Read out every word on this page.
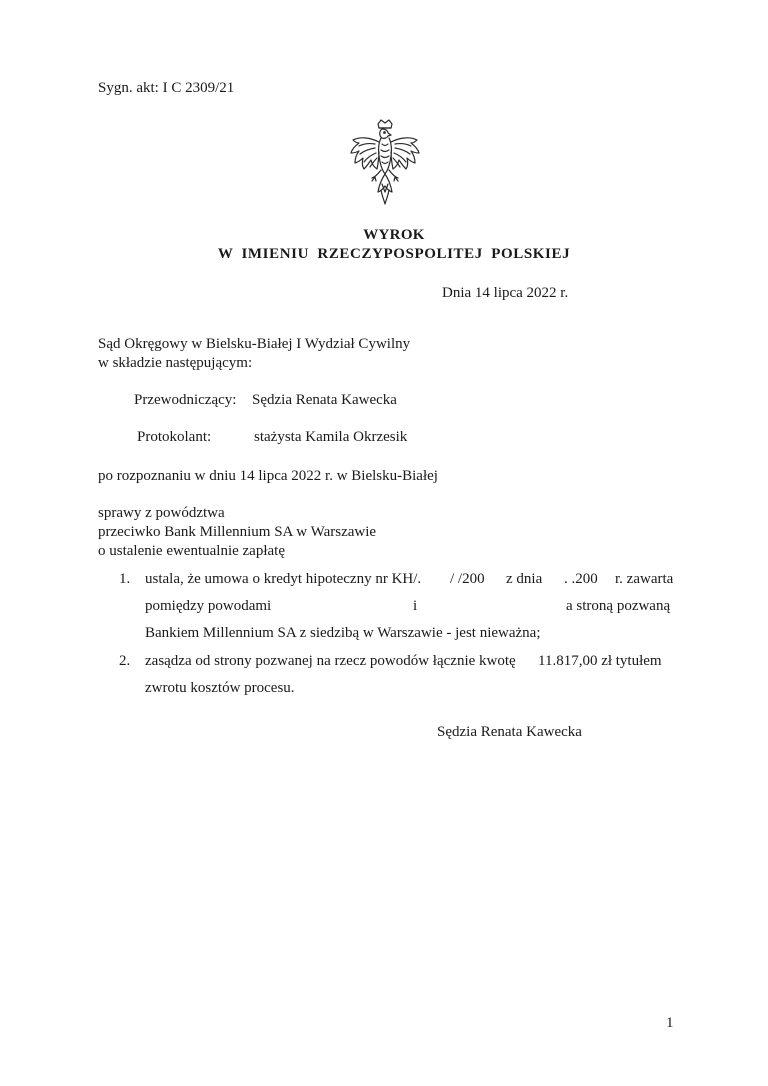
Sygn. akt: I C 2309/21
WYROK
W IMIENIU RZECZYPOSPOLITEJ POLSKIEJ
Dnia 14 lipca 2022 r.
Sąd Okręgowy w Bielsku-Białej I Wydział Cywilny
w składzie następującym:
Przewodniczący: Sędzia Renata Kawecka
Protokolant:	stażysta Kamila Okrzesik
po rozpoznaniu w dniu 14 lipca 2022 r. w Bielsku-Białej
sprawy z powództwa
przeciwko Bank Millennium SA w Warszawie
o ustalenie ewentualnie zapłatę
1. ustala, że umowa o kredyt hipoteczny nr KH/. / /200 z dnia . .200 r. zawarta
pomiędzy powodami	i	a stroną pozwaną
Bankiem Millennium SA z siedzibą w Warszawie - jest nieważna;
2. zasądza od strony pozwanej na rzecz powodów łącznie kwotę 11.817,00 zł tytułem
zwrotu kosztów procesu.
Sędzia Renata Kawecka
1
